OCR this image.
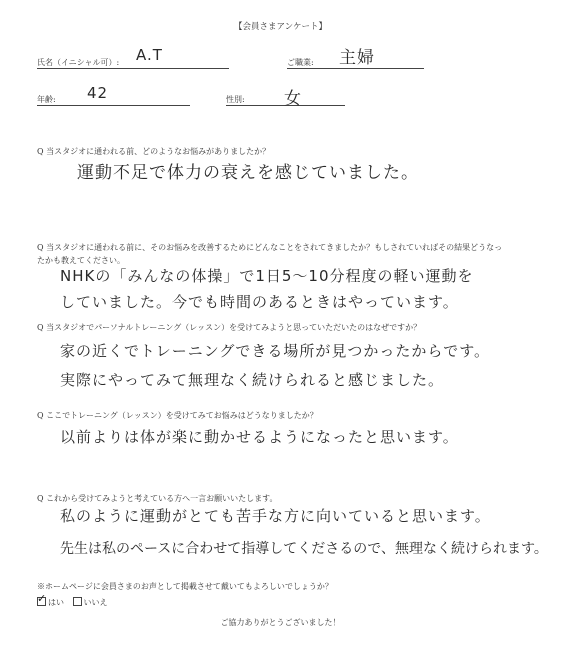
【会員さまアンケート】
氏名（イニシャル可）: A.T	ご職業: 主婦
年齢: 42	性別: 女
Q 当スタジオに通われる前、どのようなお悩みがありましたか？
運動不足で体力の衰えを感じていました。
Q 当スタジオに通われる前に、そのお悩みを改善するためにどんなことをされてきましたか？もしされていればその結果どうなっ
たかも教えてください。
NHKの「みんなの体操」で1日5〜10分程度の軽い運動を
していました。今でも時間のあるときはやっています。
Q 当スタジオでパーソナルトレーニング（レッスン）を受けてみようと思っていただいたのはなぜですか？
家の近くでトレーニングできる場所が見つかったからです。
実際にやってみて無理なく続けられると感じました。
Q ここでトレーニング（レッスン）を受けてみてお悩みはどうなりましたか？
以前よりは体が楽に動かせるようになったと思います。
Q これから受けてみようと考えている方へ一言お願いいたします。
私のように運動がとても苦手な方に向いていると思います。
先生は私のペースに合わせて指導してくださるので、無理なく続けられます。
※ホームページに会員さまのお声として掲載させて戴いてもよろしいでしょうか？
✓ はい いいえ
ご協力ありがとうございました！
